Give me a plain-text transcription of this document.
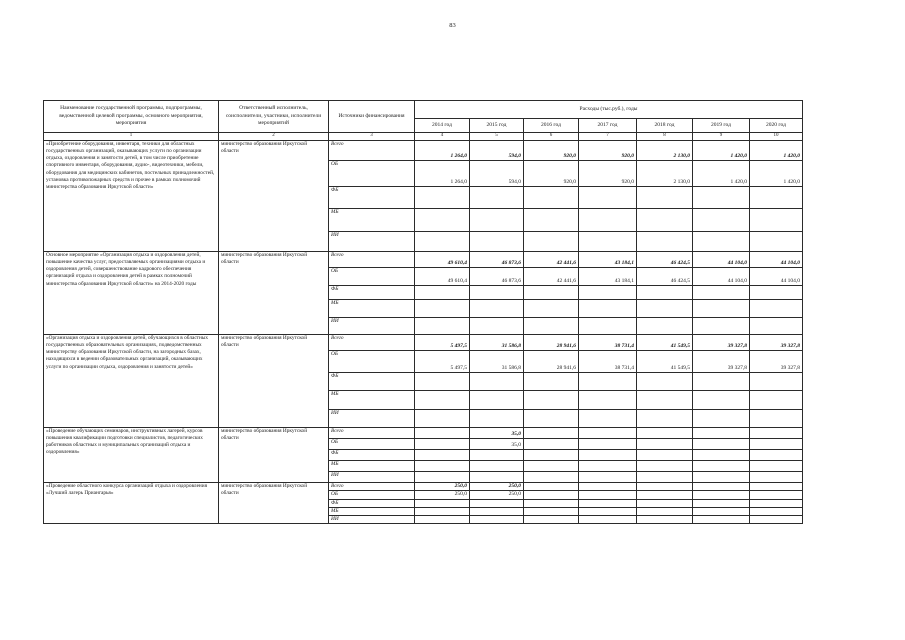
83
Наименование государственной программы, подпрограммы, ведомственной целевой программы, основного мероприятия, мероприятия	Ответственный исполнитель, соисполнители, участники, исполнители мероприятий	Источники финансирования	Расходы (тыс.руб.), годы						
			2014 год	2015 год	2016 год	2017 год	2018 год	2019 год	2020 год
1	2	3	4	5	6	7	8	9	10
«Приобретение оборудования, инвентаря, техники для областных государственных организаций, оказывающих услуги по организации отдыха, оздоровления и занятости детей, в том числе приобретение спортивного инвентаря, оборудования, аудио-, видеотехники, мебели, оборудования для медицинских кабинетов, постельных принадлежностей, установка противопожарных средств и прочее в рамках полномочий министерства образования Иркутской области»	министерство образования Иркутской области	Всего	1 264,0	594,0	920,0	920,0	2 130,0	1 420,0	1 420,0
		ОБ	1 264,0	594,0	920,0	920,0	2 130,0	1 420,0	1 420,0
		ФБ							
		МБ							
		ИИ							
Основное мероприятие «Организация отдыха и оздоровления детей, повышение качества услуг, предоставляемых организациями отдыха и оздоровления детей, совершенствование кадрового обеспечения организаций отдыха и оздоровления детей в рамках полномочий министерства образования Иркутской области» на 2014-2020 годы	министерство образования Иркутской области	Всего	49 610,4	46 873,6	42 441,6	43 184,1	46 424,5	44 104,0	44 104,0
		ОБ	49 610,4	46 873,6	42 441,6	43 184,1	46 424,5	44 104,0	44 104,0
		ФБ							
		МБ							
		ИИ							
«Организация отдыха и оздоровления детей, обучающихся в областных государственных образовательных организациях, подведомственных министерству образования Иркутской области, на загородных базах, находящихся в ведении образовательных организаций, оказывающих услуги по организации отдыха, оздоровления и занятости детей»	министерство образования Иркутской области	Всего	5 497,5	31 586,8	28 941,6	38 731,4	41 549,5	39 327,8	39 327,8
		ОБ	5 497,5	31 586,8	28 941,6	38 731,4	41 549,5	39 327,8	39 327,8
		ФБ							
		МБ							
		ИИ							
«Проведение обучающих семинаров, инструктивных лагерей, курсов повышения квалификации подготовки специалистов, педагогических работников областных и муниципальных организаций отдыха и оздоровления»	министерство образования Иркутской области	Всего		35,0					
		ОБ		35,0					
		ФБ							
		МБ							
		ИИ							
«Проведение областного конкурса организаций отдыха и оздоровления «Лучший лагерь Приангарья»	министерство образования Иркутской области	Всего	250,0	250,0					
		ОБ	250,0	250,0					
		ФБ							
		МБ							
		ИИ							
